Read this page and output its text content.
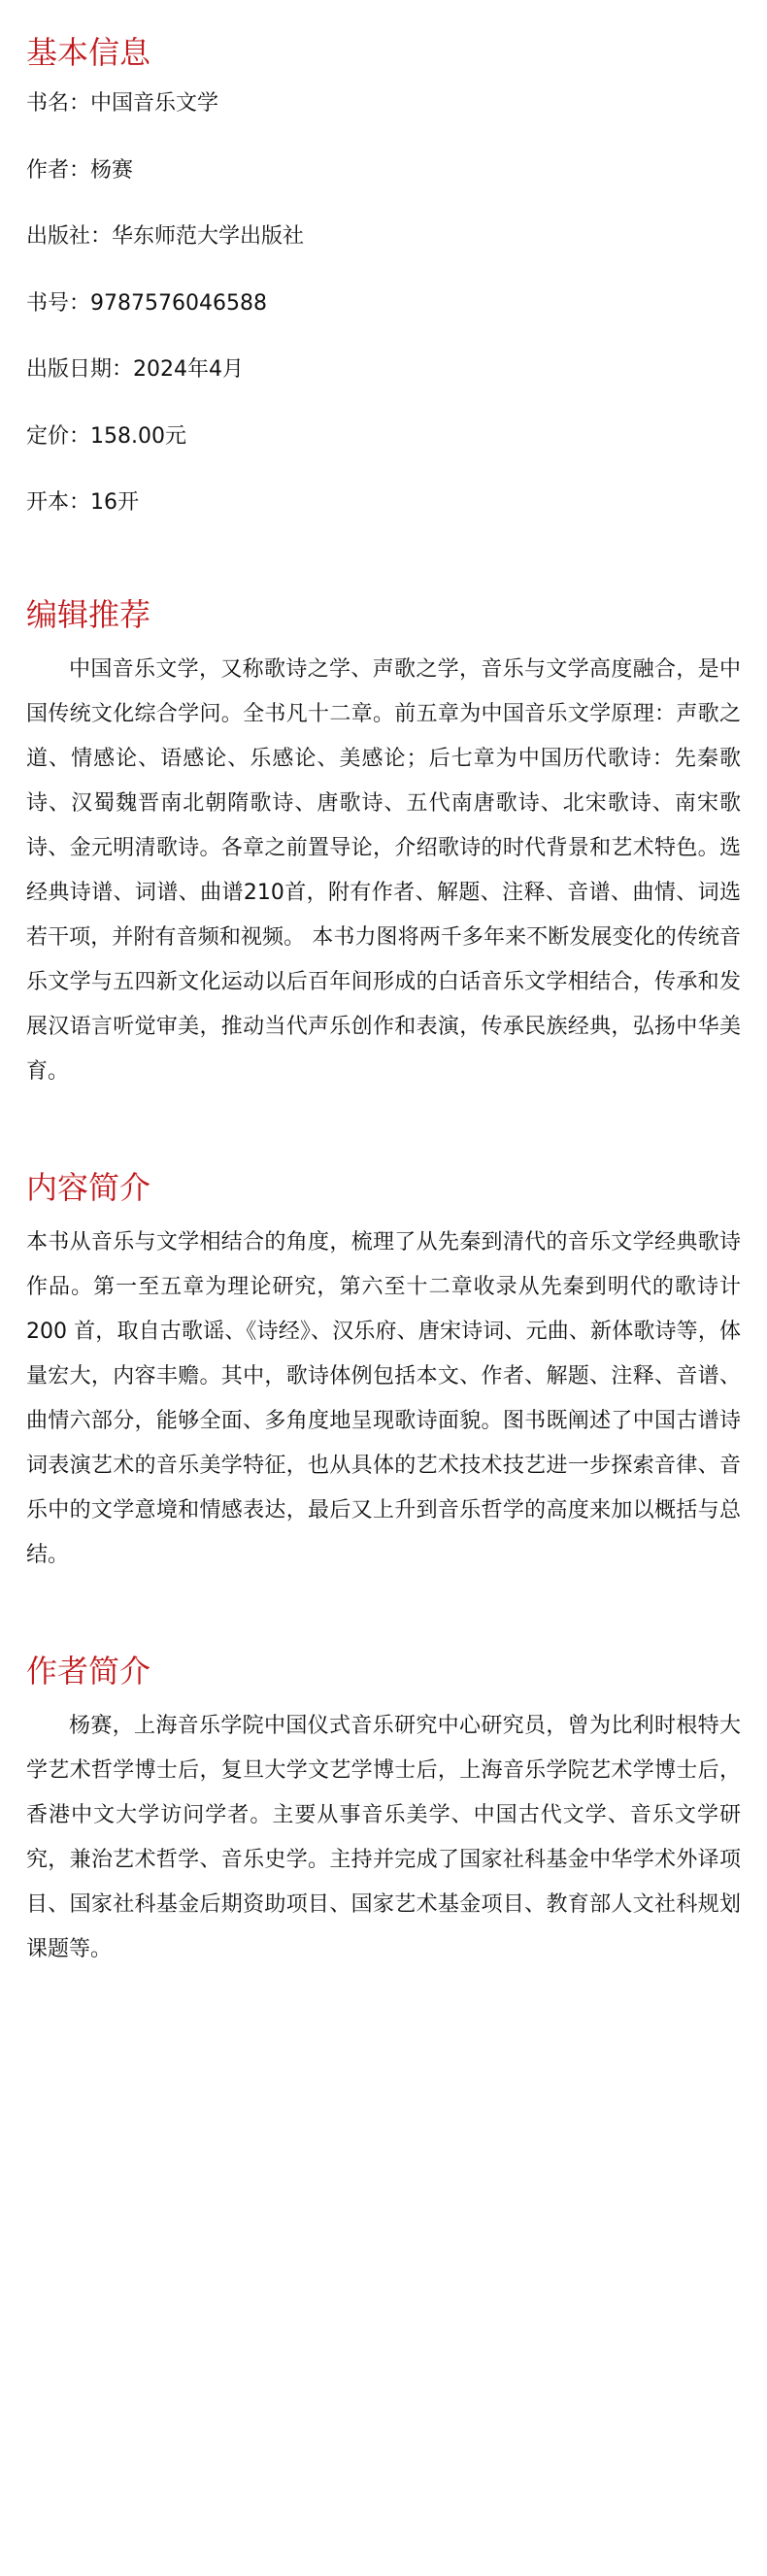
基本信息
书名：中国音乐文学
作者：杨赛
出版社：华东师范大学出版社
书号：9787576046588
出版日期：2024年4月
定价：158.00元
开本：16开
编辑推荐

中国音乐文学，又称歌诗之学、声歌之学，音乐与文学高度融合，是中国传统文化综合学问。全书凡十二章。前五章为中国音乐文学原理：声歌之道、情感论、语感论、乐感论、美感论；后七章为中国历代歌诗：先秦歌诗、汉蜀魏晋南北朝隋歌诗、唐歌诗、五代南唐歌诗、北宋歌诗、南宋歌诗、金元明清歌诗。各章之前置导论，介绍歌诗的时代背景和艺术特色。选经典诗谱、词谱、曲谱210首，附有作者、解题、注释、音谱、曲情、词选若干项，并附有音频和视频。 本书力图将两千多年来不断发展变化的传统音乐文学与五四新文化运动以后百年间形成的白话音乐文学相结合，传承和发展汉语言听觉审美，推动当代声乐创作和表演，传承民族经典，弘扬中华美育。

内容简介

本书从音乐与文学相结合的角度，梳理了从先秦到清代的音乐文学经典歌诗作品。第一至五章为理论研究，第六至十二章收录从先秦到明代的歌诗计 200 首，取自古歌谣、《诗经》、汉乐府、唐宋诗词、元曲、新体歌诗等，体量宏大，内容丰赡。其中，歌诗体例包括本文、作者、解题、注释、音谱、曲情六部分，能够全面、多角度地呈现歌诗面貌。图书既阐述了中国古谱诗词表演艺术的音乐美学特征，也从具体的艺术技术技艺进一步探索音律、音乐中的文学意境和情感表达，最后又上升到音乐哲学的高度来加以概括与总结。

作者简介

杨赛，上海音乐学院中国仪式音乐研究中心研究员，曾为比利时根特大学艺术哲学博士后，复旦大学文艺学博士后，上海音乐学院艺术学博士后，香港中文大学访问学者。主要从事音乐美学、中国古代文学、音乐文学研究，兼治艺术哲学、音乐史学。主持并完成了国家社科基金中华学术外译项目、国家社科基金后期资助项目、国家艺术基金项目、教育部人文社科规划课题等。
